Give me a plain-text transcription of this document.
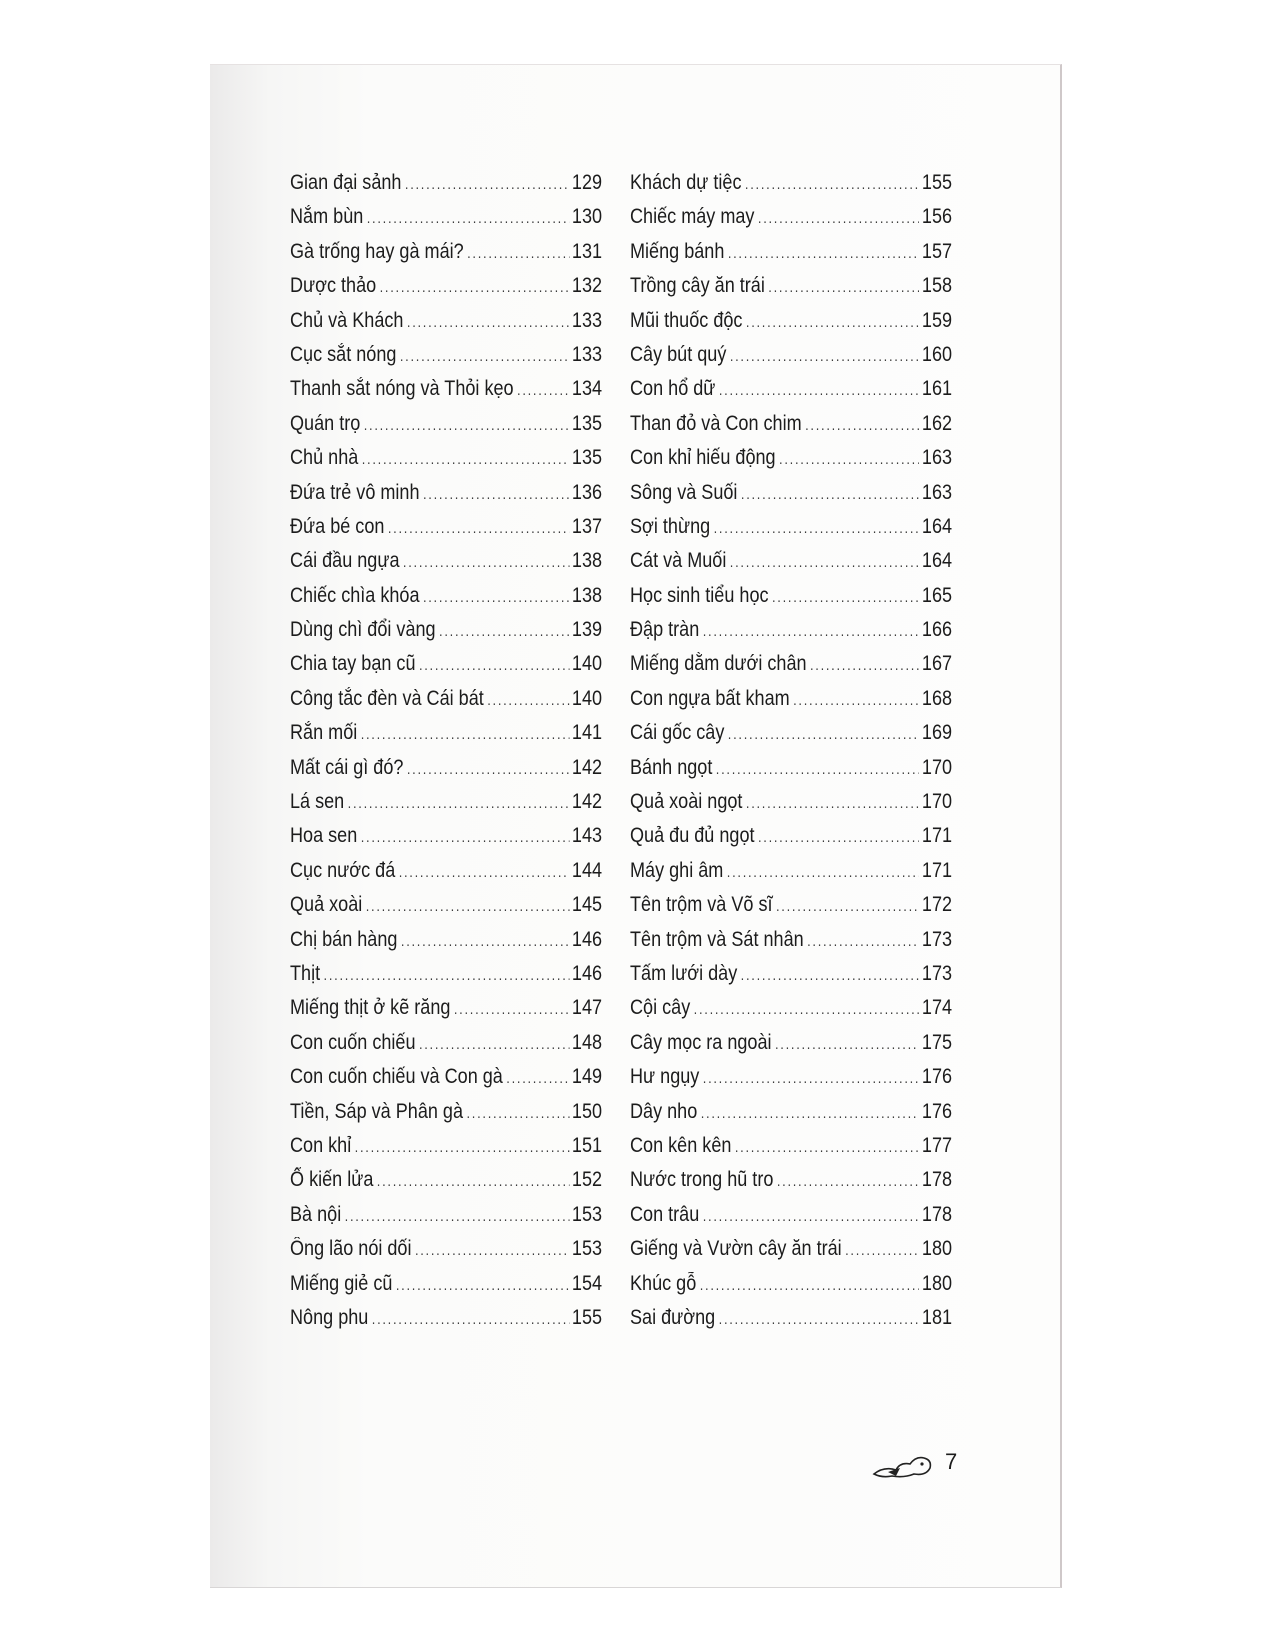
Gian đại sảnh .....	129
Nắm bùn .....	130
Gà trống hay gà mái? .....	131
Dược thảo .....	132
Chủ và Khách .....	133
Cục sắt nóng .....	133
Thanh sắt nóng và Thỏi kẹo .....	134
Quán trọ .....	135
Chủ nhà .....	135
Đứa trẻ vô minh .....	136
Đứa bé con .....	137
Cái đầu ngựa .....	138
Chiếc chìa khóa .....	138
Dùng chì đổi vàng .....	139
Chia tay bạn cũ .....	140
Công tắc đèn và Cái bát .....	140
Rắn mối .....	141
Mất cái gì đó? .....	142
Lá sen .....	142
Hoa sen .....	143
Cục nước đá .....	144
Quả xoài .....	145
Chị bán hàng .....	146
Thịt .....	146
Miếng thịt ở kẽ răng .....	147
Con cuốn chiếu .....	148
Con cuốn chiếu và Con gà .....	149
Tiền, Sáp và Phân gà .....	150
Con khỉ .....	151
Ổ kiến lửa .....	152
Bà nội .....	153
Ông lão nói dối .....	153
Miếng giẻ cũ .....	154
Nông phu .....	155
Khách dự tiệc .....	155
Chiếc máy may .....	156
Miếng bánh .....	157
Trồng cây ăn trái .....	158
Mũi thuốc độc .....	159
Cây bút quý .....	160
Con hổ dữ .....	161
Than đỏ và Con chim .....	162
Con khỉ hiếu động .....	163
Sông và Suối .....	163
Sợi thừng .....	164
Cát và Muối .....	164
Học sinh tiểu học .....	165
Đập tràn .....	166
Miếng dằm dưới chân .....	167
Con ngựa bất kham .....	168
Cái gốc cây .....	169
Bánh ngọt .....	170
Quả xoài ngọt .....	170
Quả đu đủ ngọt .....	171
Máy ghi âm .....	171
Tên trộm và Võ sĩ .....	172
Tên trộm và Sát nhân .....	173
Tấm lưới dày .....	173
Cội cây .....	174
Cây mọc ra ngoài .....	175
Hư ngụy .....	176
Dây nho .....	176
Con kên kên .....	177
Nước trong hũ tro .....	178
Con trâu .....	178
Giếng và Vườn cây ăn trái .....	180
Khúc gỗ .....	180
Sai đường .....	181
7
